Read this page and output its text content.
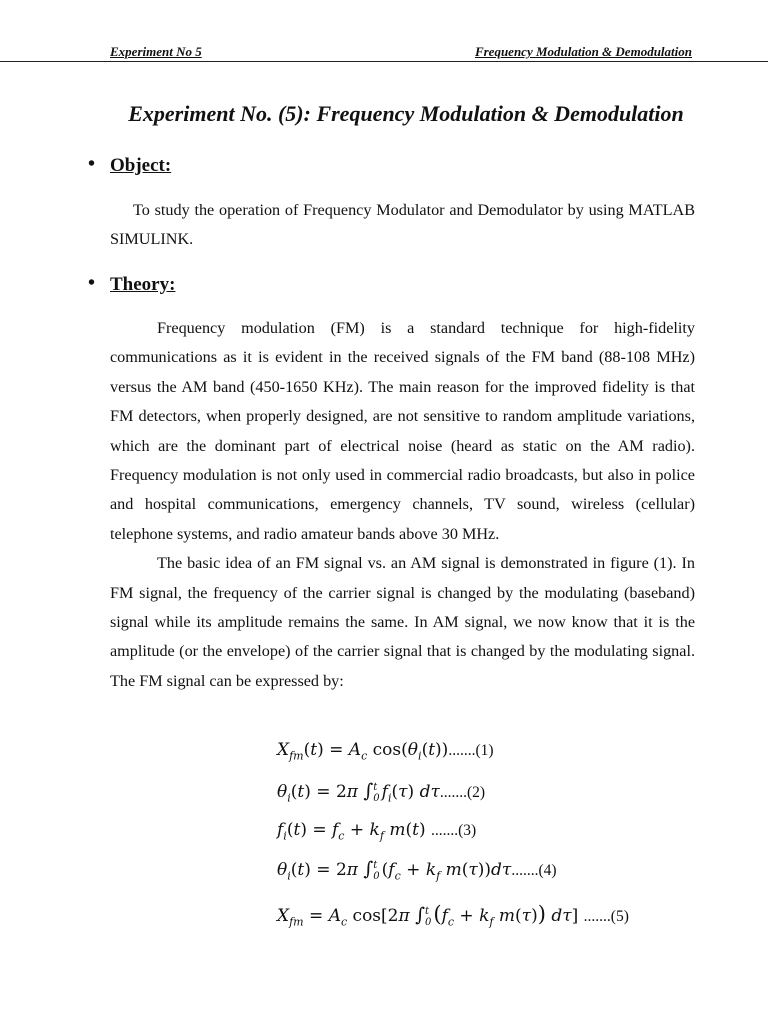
Experiment No 5	Frequency Modulation & Demodulation
Experiment No. (5): Frequency Modulation & Demodulation
• Object:

To study the operation of Frequency Modulator and Demodulator by using MATLAB SIMULINK.

• Theory:

Frequency modulation (FM) is a standard technique for high-fidelity communications as it is evident in the received signals of the FM band (88-108 MHz) versus the AM band (450-1650 KHz). The main reason for the improved fidelity is that FM detectors, when properly designed, are not sensitive to random amplitude variations, which are the dominant part of electrical noise (heard as static on the AM radio). Frequency modulation is not only used in commercial radio broadcasts, but also in police and hospital communications, emergency channels, TV sound, wireless (cellular) telephone systems, and radio amateur bands above 30 MHz.

The basic idea of an FM signal vs. an AM signal is demonstrated in figure (1). In FM signal, the frequency of the carrier signal is changed by the modulating (baseband) signal while its amplitude remains the same. In AM signal, we now know that it is the amplitude (or the envelope) of the carrier signal that is changed by the modulating signal. The FM signal can be expressed by:

$X_{fm}(t) = A_c$ $\cos(\theta_i(t)).......(1)$
$\theta_i(t) = 2\pi$ ∫ t
0 $f_i(\tau)$ dτ.......(2)
$f_i(t) = f_c + k_f$ m(t) .......(3)
$\theta_i(t) = 2\pi$ ∫ t
0 ($f_c + k_f$ m(τ))dτ.......(4)
$X_{fm} = A_c$ cos[2π ∫ t
0 ($f_c + k_f$ m(τ)) dτ] .......(5)
